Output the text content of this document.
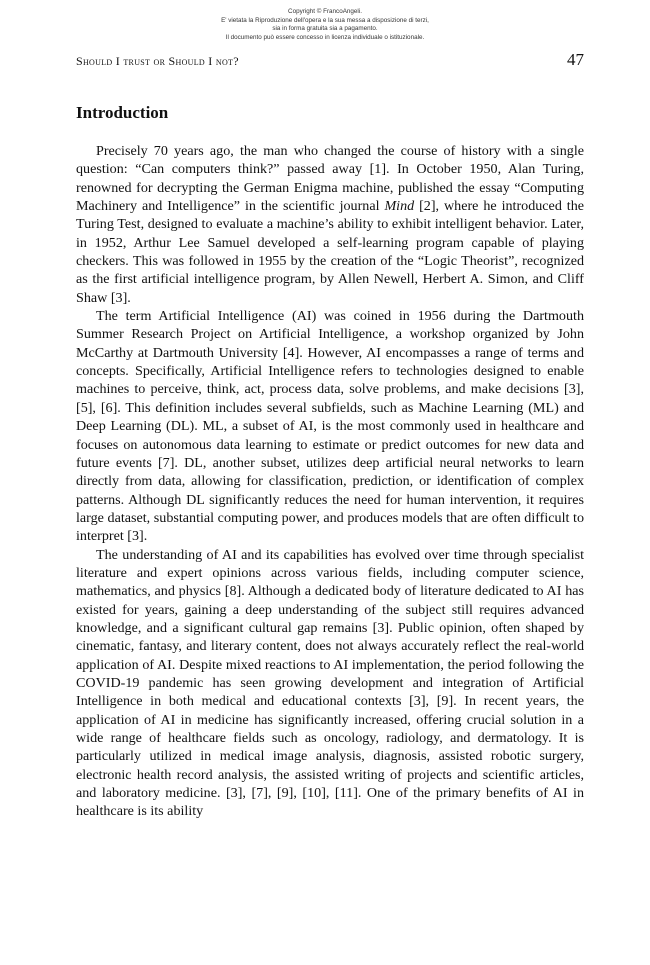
Copyright © FrancoAngeli.
E' vietata la Riproduzione dell'opera e la sua messa a disposizione di terzi,
sia in forma gratuita sia a pagamento.
Il documento può essere concesso in licenza individuale o istituzionale.
Should I trust or Should I not?	47
Introduction

Precisely 70 years ago, the man who changed the course of history with a single question: “Can computers think?” passed away [1]. In October 1950, Alan Turing, renowned for decrypting the German Enigma machine, published the essay “Computing Machinery and Intelligence” in the scientific journal Mind [2], where he introduced the Turing Test, designed to evaluate a machine’s ability to exhibit intelligent behavior. Later, in 1952, Arthur Lee Samuel developed a self-learning program capable of playing checkers. This was followed in 1955 by the creation of the “Logic Theorist”, recognized as the first artificial intelligence program, by Allen Newell, Herbert A. Simon, and Cliff Shaw [3].

The term Artificial Intelligence (AI) was coined in 1956 during the Dartmouth Summer Research Project on Artificial Intelligence, a workshop organized by John McCarthy at Dartmouth University [4]. However, AI encompasses a range of terms and concepts. Specifically, Artificial Intelligence refers to technologies designed to enable machines to perceive, think, act, process data, solve problems, and make decisions [3], [5], [6]. This definition includes several subfields, such as Machine Learning (ML) and Deep Learning (DL). ML, a subset of AI, is the most commonly used in healthcare and focuses on autonomous data learning to estimate or predict outcomes for new data and future events [7]. DL, another subset, utilizes deep artificial neural networks to learn directly from data, allowing for classification, prediction, or identification of complex patterns. Although DL significantly reduces the need for human intervention, it requires large dataset, substantial computing power, and produces models that are often difficult to interpret [3].

The understanding of AI and its capabilities has evolved over time through specialist literature and expert opinions across various fields, including computer science, mathematics, and physics [8]. Although a dedicated body of literature dedicated to AI has existed for years, gaining a deep understanding of the subject still requires advanced knowledge, and a significant cultural gap remains [3]. Public opinion, often shaped by cinematic, fantasy, and literary content, does not always accurately reflect the real-world application of AI. Despite mixed reactions to AI implementation, the period following the COVID-19 pandemic has seen growing development and integration of Artificial Intelligence in both medical and educational contexts [3], [9]. In recent years, the application of AI in medicine has significantly increased, offering crucial solution in a wide range of healthcare fields such as oncology, radiology, and dermatology. It is particularly utilized in medical image analysis, diagnosis, assisted robotic surgery, electronic health record analysis, the assisted writing of projects and scientific articles, and laboratory medicine. [3], [7], [9], [10], [11]. One of the primary benefits of AI in healthcare is its ability
